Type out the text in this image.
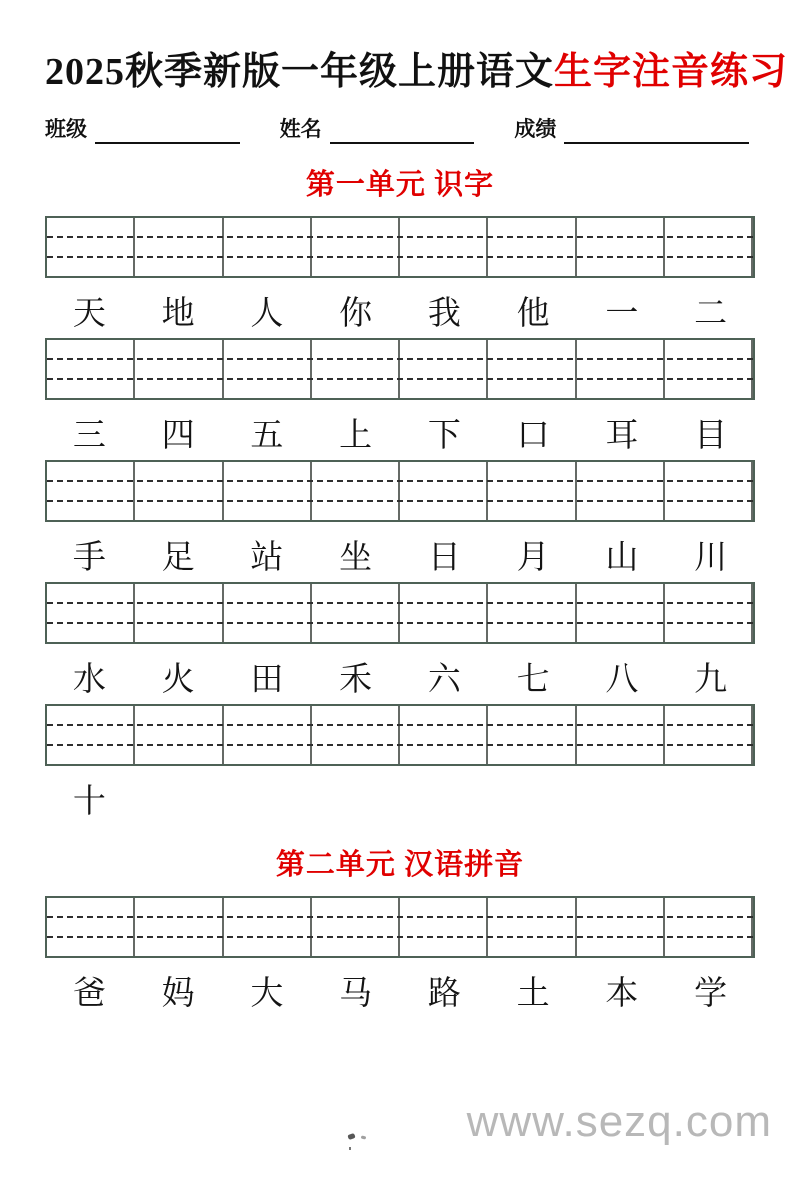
2025秋季新版一年级上册语文生字注音练习
班级	姓名	成绩
第一单元 识字
天	地	人	你	我	他	一	二
三	四	五	上	下	口	耳	目
手	足	站	坐	日	月	山	川
水	火	田	禾	六	七	八	九
十
第二单元 汉语拼音
爸	妈	大	马	路	土	本	学
www.sezq.com
